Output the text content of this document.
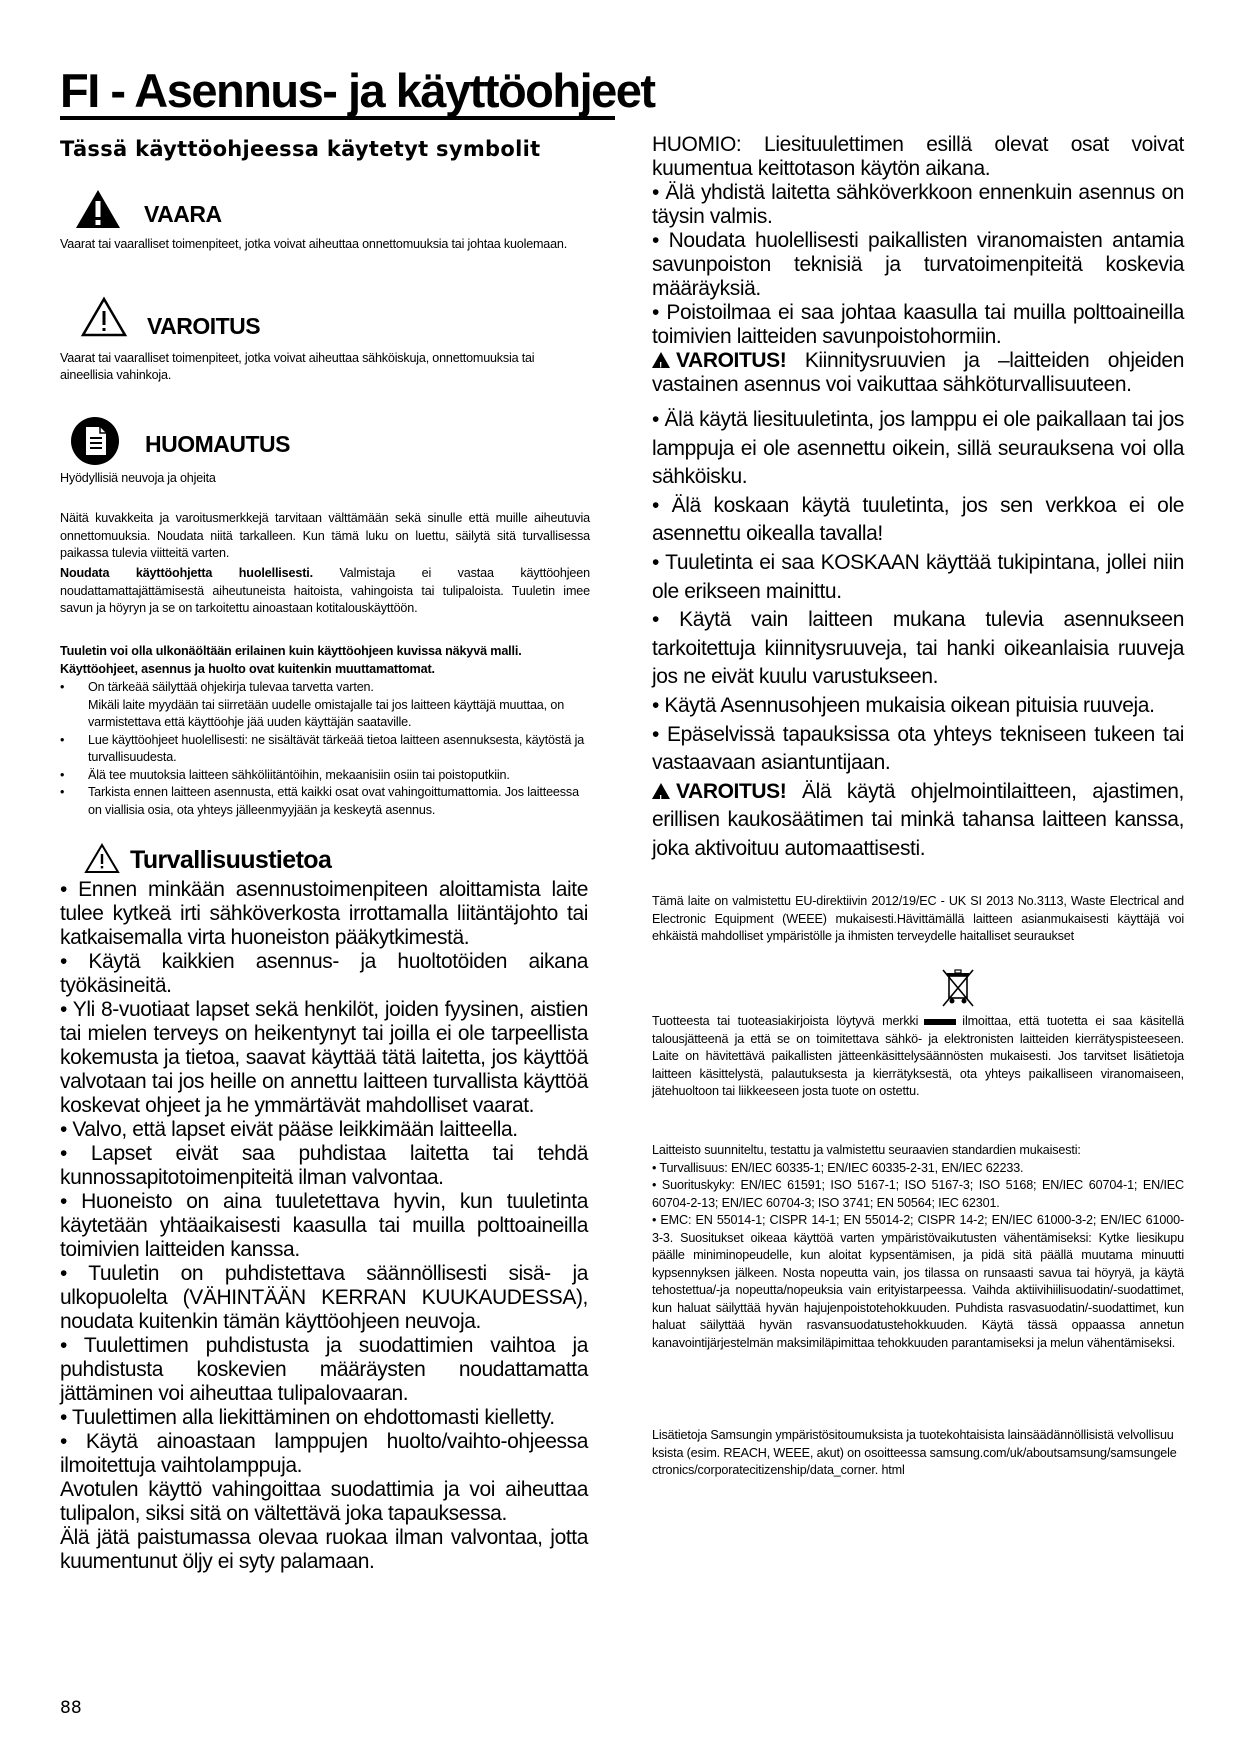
FI - Asennus- ja käyttöohjeet
Tässä käyttöohjeessa käytetyt symbolit
VAARA
Vaarat tai vaaralliset toimenpiteet, jotka voivat aiheuttaa onnettomuuksia tai johtaa kuolemaan.
VAROITUS
Vaarat tai vaaralliset toimenpiteet, jotka voivat aiheuttaa sähköiskuja, onnettomuuksia tai aineellisia vahinkoja.
HUOMAUTUS
Hyödyllisiä neuvoja ja ohjeita
Näitä kuvakkeita ja varoitusmerkkejä tarvitaan välttämään sekä sinulle että muille aiheutuvia onnettomuuksia. Noudata niitä tarkalleen. Kun tämä luku on luettu, säilytä sitä turvallisessa paikassa tulevia viitteitä varten.
Noudata käyttöohjetta huolellisesti. Valmistaja ei vastaa käyttöohjeen noudattamattajättämisestä aiheutuneista haitoista, vahingoista tai tulipaloista. Tuuletin imee savun ja höyryn ja se on tarkoitettu ainoastaan kotitalouskäyttöön.
Tuuletin voi olla ulkonäöltään erilainen kuin käyttöohjeen kuvissa näkyvä malli. Käyttöohjeet, asennus ja huolto ovat kuitenkin muuttamattomat.
• On tärkeää säilyttää ohjekirja tulevaa tarvetta varten.
Mikäli laite myydään tai siirretään uudelle omistajalle tai jos laitteen käyttäjä muuttaa, on varmistettava että käyttöohje jää uuden käyttäjän saataville.
• Lue käyttöohjeet huolellisesti: ne sisältävät tärkeää tietoa laitteen asennuksesta, käytöstä ja turvallisuudesta.
• Älä tee muutoksia laitteen sähköliitäntöihin, mekaanisiin osiin tai poistoputkiin.
• Tarkista ennen laitteen asennusta, että kaikki osat ovat vahingoittumattomia. Jos laitteessa on viallisia osia, ota yhteys jälleenmyyjään ja keskeytä asennus.
Turvallisuustietoa

• Ennen minkään asennustoimenpiteen aloittamista laite tulee kytkeä irti sähköverkosta irrottamalla liitäntäjohto tai katkaisemalla virta huoneiston pääkytkimestä.

• Käytä kaikkien asennus- ja huoltotöiden aikana työkäsineitä.

• Yli 8-vuotiaat lapset sekä henkilöt, joiden fyysinen, aistien tai mielen terveys on heikentynyt tai joilla ei ole tarpeellista kokemusta ja tietoa, saavat käyttää tätä laitetta, jos käyttöä valvotaan tai jos heille on annettu laitteen turvallista käyttöä koskevat ohjeet ja he ymmärtävät mahdolliset vaarat.

• Valvo, että lapset eivät pääse leikkimään laitteella.

• Lapset eivät saa puhdistaa laitetta tai tehdä kunnossapitotoimenpiteitä ilman valvontaa.

• Huoneisto on aina tuuletettava hyvin, kun tuuletinta käytetään yhtäaikaisesti kaasulla tai muilla polttoaineilla toimivien laitteiden kanssa.

• Tuuletin on puhdistettava säännöllisesti sisä- ja ulkopuolelta (VÄHINTÄÄN KERRAN KUUKAUDESSA), noudata kuitenkin tämän käyttöohjeen neuvoja.

• Tuulettimen puhdistusta ja suodattimien vaihtoa ja puhdistusta koskevien määräysten noudattamatta jättäminen voi aiheuttaa tulipalovaaran.

• Tuulettimen alla liekittäminen on ehdottomasti kielletty.

• Käytä ainoastaan lamppujen huolto/vaihto-ohjeessa ilmoitettuja vaihtolamppuja.

Avotulen käyttö vahingoittaa suodattimia ja voi aiheuttaa tulipalon, siksi sitä on vältettävä joka tapauksessa.

Älä jätä paistumassa olevaa ruokaa ilman valvontaa, jotta kuumentunut öljy ei syty palamaan.

HUOMIO: Liesituulettimen esillä olevat osat voivat kuumentua keittotason käytön aikana.

• Älä yhdistä laitetta sähköverkkoon ennenkuin asennus on täysin valmis.

• Noudata huolellisesti paikallisten viranomaisten antamia savunpoiston teknisiä ja turvatoimenpiteitä koskevia määräyksiä.

• Poistoilmaa ei saa johtaa kaasulla tai muilla polttoaineilla toimivien laitteiden savunpoistohormiin.

!VAROITUS! Kiinnitysruuvien ja –laitteiden ohjeiden vastainen asennus voi vaikuttaa sähköturvallisuuteen.

• Älä käytä liesituuletinta, jos lamppu ei ole paikallaan tai jos lamppuja ei ole asennettu oikein, sillä seurauksena voi olla sähköisku.

• Älä koskaan käytä tuuletinta, jos sen verkkoa ei ole asennettu oikealla tavalla!

• Tuuletinta ei saa KOSKAAN käyttää tukipintana, jollei niin ole erikseen mainittu.

• Käytä vain laitteen mukana tulevia asennukseen tarkoitettuja kiinnitysruuveja, tai hanki oikeanlaisia ruuveja jos ne eivät kuulu varustukseen.

• Käytä Asennusohjeen mukaisia oikean pituisia ruuveja.

• Epäselvissä tapauksissa ota yhteys tekniseen tukeen tai vastaavaan asiantuntijaan.

!VAROITUS! Älä käytä ohjelmointilaitteen, ajastimen, erillisen kaukosäätimen tai minkä tahansa laitteen kanssa, joka aktivoituu automaattisesti.

Tämä laite on valmistettu EU-direktiivin 2012/19/EC - UK SI 2013 No.3113, Waste Electrical and Electronic Equipment (WEEE) mukaisesti.Hävittämällä laitteen asianmukaisesti käyttäjä voi ehkäistä mahdolliset ympäristölle ja ihmisten terveydelle haitalliset seuraukset
Tuotteesta tai tuoteasiakirjoista löytyvä merkki	ilmoittaa, että tuotetta ei saa käsitellä talousjätteenä ja että se on toimitettava sähkö- ja elektronisten laitteiden kierrätyspisteeseen. Laite on hävitettävä paikallisten jätteenkäsittelysäännösten mukaisesti. Jos tarvitset lisätietoja laitteen käsittelystä, palautuksesta ja kierrätyksestä, ota yhteys paikalliseen viranomaiseen, jätehuoltoon tai liikkeeseen josta tuote on ostettu.

Laitteisto suunniteltu, testattu ja valmistettu seuraavien standardien mukaisesti:

• Turvallisuus: EN/IEC 60335-1; EN/IEC 60335-2-31, EN/IEC 62233.

• Suorituskyky: EN/IEC 61591; ISO 5167-1; ISO 5167-3; ISO 5168; EN/IEC 60704-1; EN/IEC 60704-2-13; EN/IEC 60704-3; ISO 3741; EN 50564; IEC 62301.

• EMC: EN 55014-1; CISPR 14-1; EN 55014-2; CISPR 14-2; EN/IEC 61000-3-2; EN/IEC 61000-3-3. Suositukset oikeaa käyttöä varten ympäristövaikutusten vähentämiseksi: Kytke liesikupu päälle miniminopeudelle, kun aloitat kypsentämisen, ja pidä sitä päällä muutama minuutti kypsennyksen jälkeen. Nosta nopeutta vain, jos tilassa on runsaasti savua tai höyryä, ja käytä tehostettua/-ja nopeutta/nopeuksia vain erityistarpeessa. Vaihda aktiivihiilisuodatin/-suodattimet, kun haluat säilyttää hyvän hajujenpoistotehokkuuden. Puhdista rasvasuodatin/-suodattimet, kun haluat säilyttää hyvän rasvansuodatustehokkuuden. Käytä tässä oppaassa annetun kanavointijärjestelmän maksimiläpimittaa tehokkuuden parantamiseksi ja melun vähentämiseksi.

Lisätietoja Samsungin ympäristösitoumuksista ja tuotekohtaisista lainsäädännöllisistä velvollisuuksista (esim. REACH, WEEE, akut) on osoitteessa samsung.com/uk/aboutsamsung/samsungelectronics/corporatecitizenship/data_corner. html
88
